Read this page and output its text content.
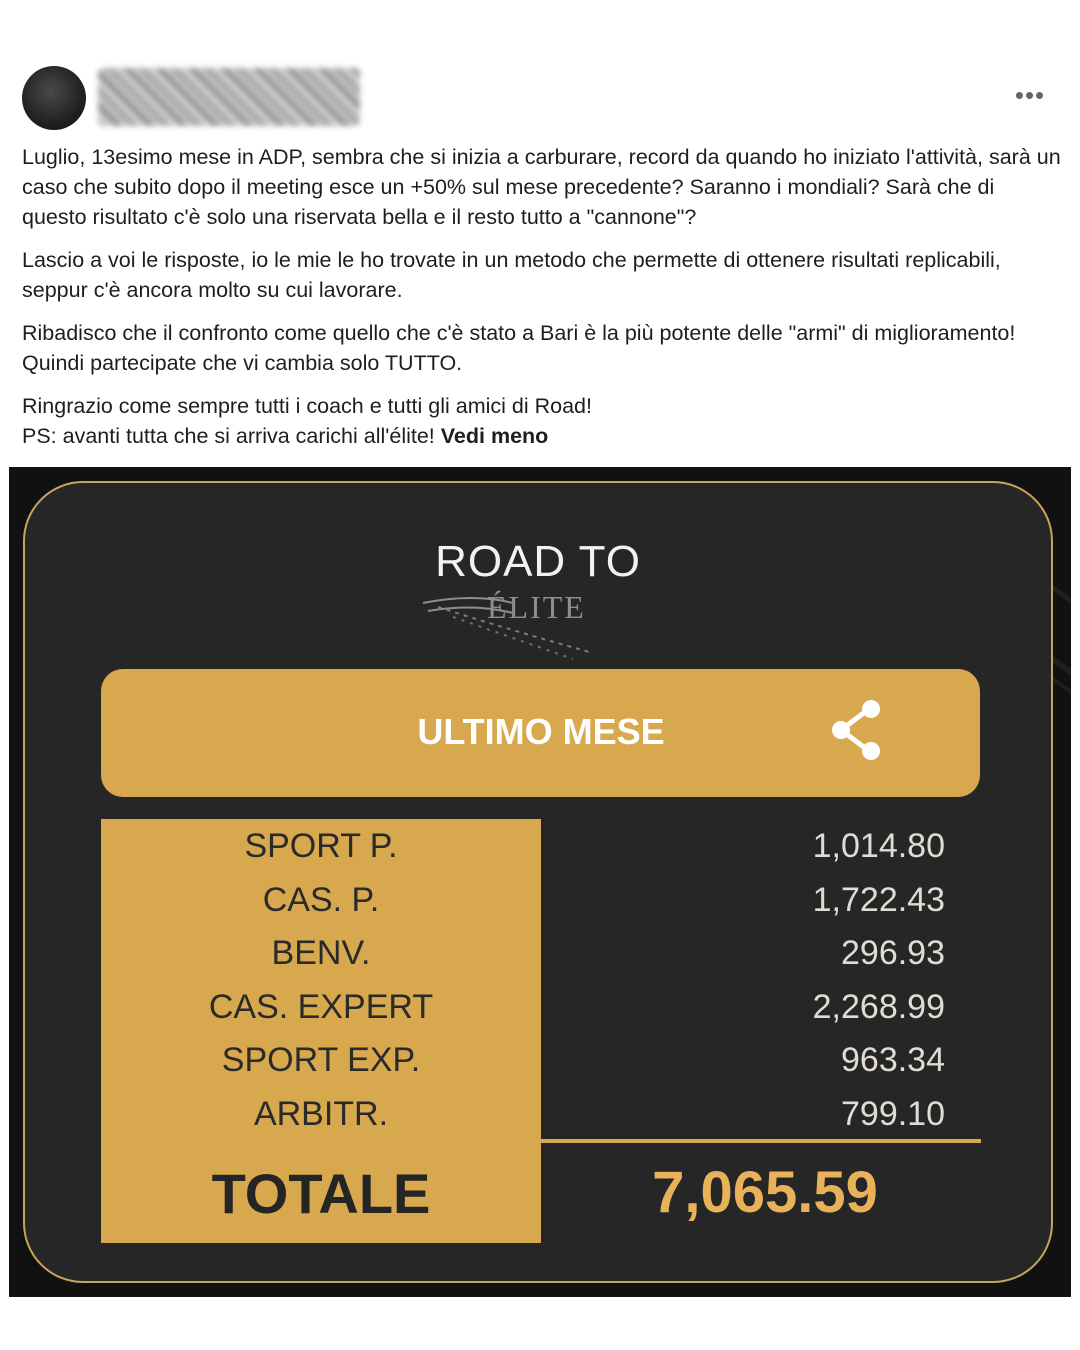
•••

Luglio, 13esimo mese in ADP, sembra che si inizia a carburare, record da quando ho iniziato l'attività, sarà un caso che subito dopo il meeting esce un +50% sul mese precedente? Saranno i mondiali? Sarà che di questo risultato c'è solo una riservata bella e il resto tutto a "cannone"?

Lascio a voi le risposte, io le mie le ho trovate in un metodo che permette di ottenere risultati replicabili, seppur c'è ancora molto su cui lavorare.

Ribadisco che il confronto come quello che c'è stato a Bari è la più potente delle "armi" di miglioramento! Quindi partecipate che vi cambia solo TUTTO.

Ringrazio come sempre tutti i coach e tutti gli amici di Road!

PS: avanti tutta che si arriva carichi all'élite! Vedi meno

ROAD TO
ÉLITE
ULTIMO MESE
SPORT P.	1,014.80
CAS. P.	1,722.43
BENV.	296.93
CAS. EXPERT	2,268.99
SPORT EXP.	963.34
ARBITR.	799.10
TOTALE	7,065.59
